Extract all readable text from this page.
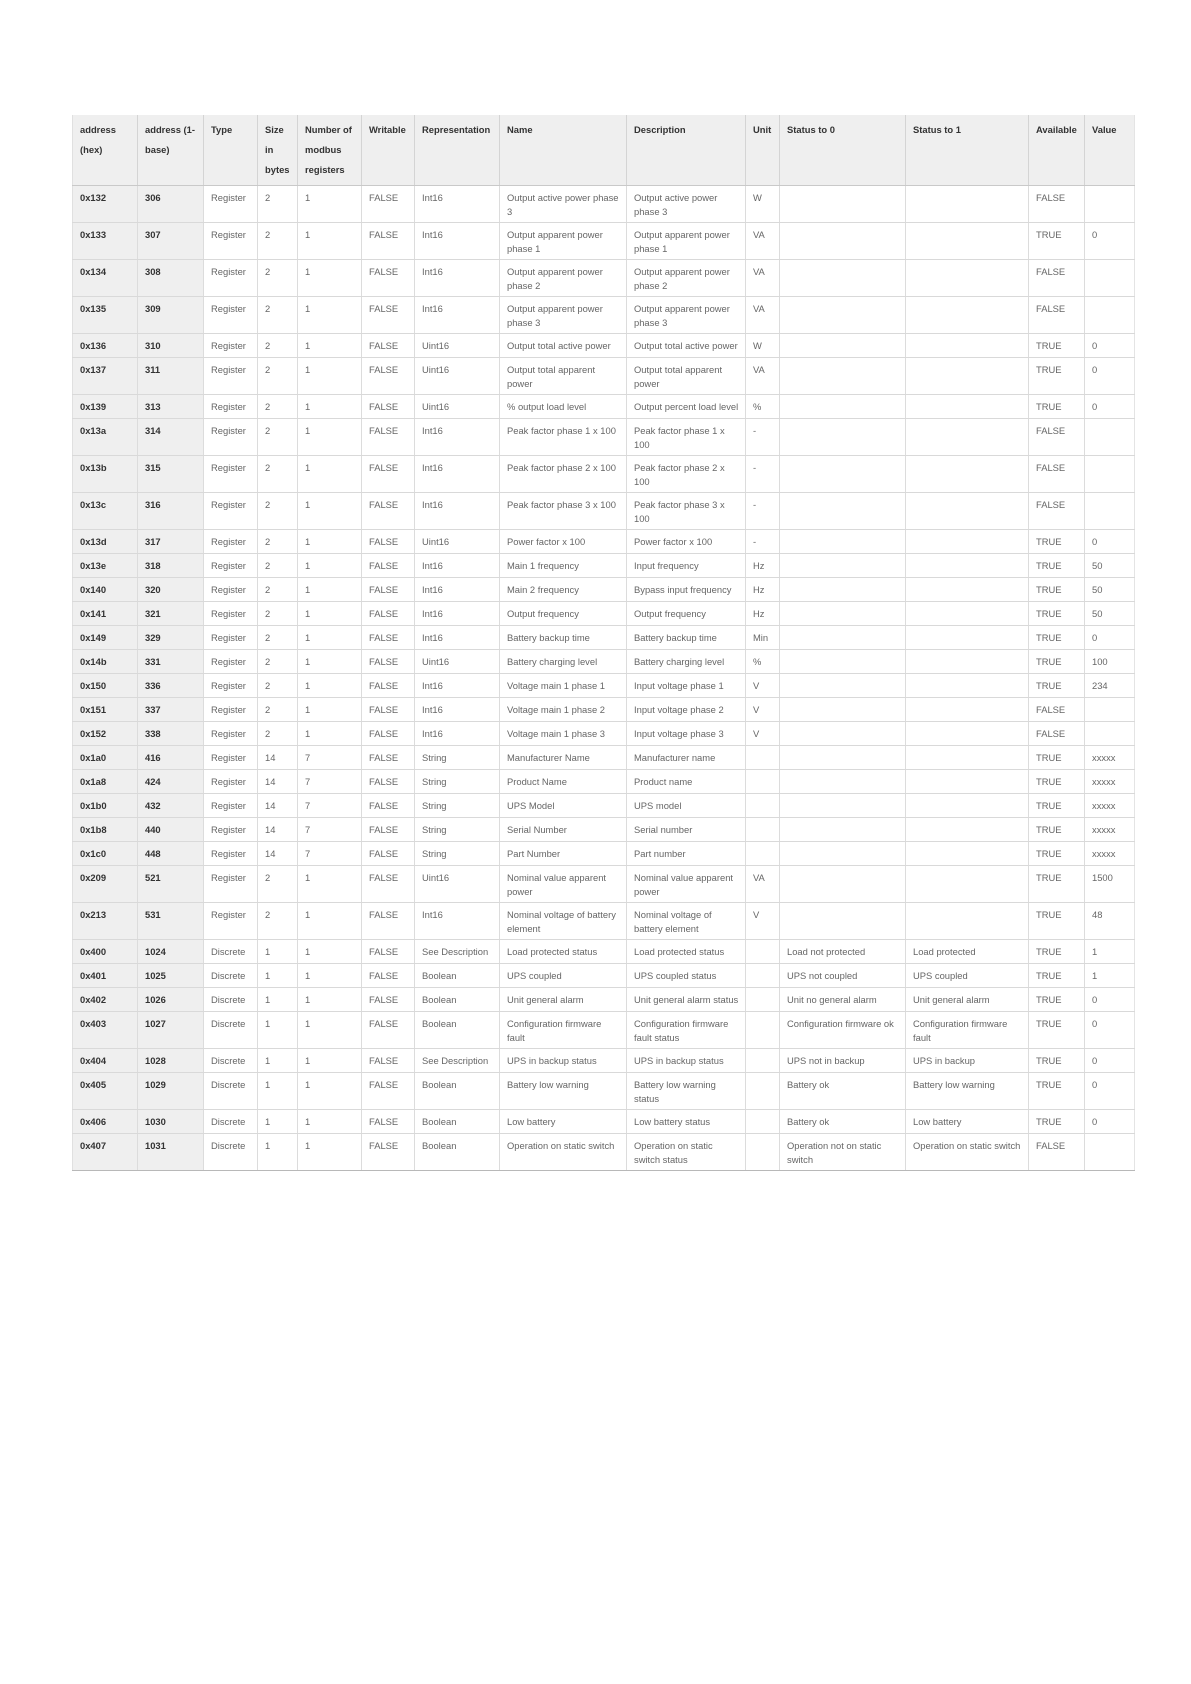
address (hex)	address (1-base)	Type	Size in bytes	Number of modbus registers	Writable	Representation	Name	Description	Unit	Status to 0	Status to 1	Available	Value
0x132	306	Register	2	1	FALSE	Int16	Output active power phase 3	Output active power phase 3	W			FALSE	
0x133	307	Register	2	1	FALSE	Int16	Output apparent power phase 1	Output apparent power phase 1	VA			TRUE	0
0x134	308	Register	2	1	FALSE	Int16	Output apparent power phase 2	Output apparent power phase 2	VA			FALSE	
0x135	309	Register	2	1	FALSE	Int16	Output apparent power phase 3	Output apparent power phase 3	VA			FALSE	
0x136	310	Register	2	1	FALSE	Uint16	Output total active power	Output total active power	W			TRUE	0
0x137	311	Register	2	1	FALSE	Uint16	Output total apparent power	Output total apparent power	VA			TRUE	0
0x139	313	Register	2	1	FALSE	Uint16	% output load level	Output percent load level	%			TRUE	0
0x13a	314	Register	2	1	FALSE	Int16	Peak factor phase 1 x 100	Peak factor phase 1 x 100	-			FALSE	
0x13b	315	Register	2	1	FALSE	Int16	Peak factor phase 2 x 100	Peak factor phase 2 x 100	-			FALSE	
0x13c	316	Register	2	1	FALSE	Int16	Peak factor phase 3 x 100	Peak factor phase 3 x 100	-			FALSE	
0x13d	317	Register	2	1	FALSE	Uint16	Power factor x 100	Power factor x 100	-			TRUE	0
0x13e	318	Register	2	1	FALSE	Int16	Main 1 frequency	Input frequency	Hz			TRUE	50
0x140	320	Register	2	1	FALSE	Int16	Main 2 frequency	Bypass input frequency	Hz			TRUE	50
0x141	321	Register	2	1	FALSE	Int16	Output frequency	Output frequency	Hz			TRUE	50
0x149	329	Register	2	1	FALSE	Int16	Battery backup time	Battery backup time	Min			TRUE	0
0x14b	331	Register	2	1	FALSE	Uint16	Battery charging level	Battery charging level	%			TRUE	100
0x150	336	Register	2	1	FALSE	Int16	Voltage main 1 phase 1	Input voltage phase 1	V			TRUE	234
0x151	337	Register	2	1	FALSE	Int16	Voltage main 1 phase 2	Input voltage phase 2	V			FALSE	
0x152	338	Register	2	1	FALSE	Int16	Voltage main 1 phase 3	Input voltage phase 3	V			FALSE	
0x1a0	416	Register	14	7	FALSE	String	Manufacturer Name	Manufacturer name				TRUE	xxxxx
0x1a8	424	Register	14	7	FALSE	String	Product Name	Product name				TRUE	xxxxx
0x1b0	432	Register	14	7	FALSE	String	UPS Model	UPS model				TRUE	xxxxx
0x1b8	440	Register	14	7	FALSE	String	Serial Number	Serial number				TRUE	xxxxx
0x1c0	448	Register	14	7	FALSE	String	Part Number	Part number				TRUE	xxxxx
0x209	521	Register	2	1	FALSE	Uint16	Nominal value apparent power	Nominal value apparent power	VA			TRUE	1500
0x213	531	Register	2	1	FALSE	Int16	Nominal voltage of battery element	Nominal voltage of battery element	V			TRUE	48
0x400	1024	Discrete	1	1	FALSE	See Description	Load protected status	Load protected status		Load not protected	Load protected	TRUE	1
0x401	1025	Discrete	1	1	FALSE	Boolean	UPS coupled	UPS coupled status		UPS not coupled	UPS coupled	TRUE	1
0x402	1026	Discrete	1	1	FALSE	Boolean	Unit general alarm	Unit general alarm status		Unit no general alarm	Unit general alarm	TRUE	0
0x403	1027	Discrete	1	1	FALSE	Boolean	Configuration firmware fault	Configuration firmware fault status		Configuration firmware ok	Configuration firmware fault	TRUE	0
0x404	1028	Discrete	1	1	FALSE	See Description	UPS in backup status	UPS in backup status		UPS not in backup	UPS in backup	TRUE	0
0x405	1029	Discrete	1	1	FALSE	Boolean	Battery low warning	Battery low warning status		Battery ok	Battery low warning	TRUE	0
0x406	1030	Discrete	1	1	FALSE	Boolean	Low battery	Low battery status		Battery ok	Low battery	TRUE	0
0x407	1031	Discrete	1	1	FALSE	Boolean	Operation on static switch	Operation on static switch status		Operation not on static switch	Operation on static switch	FALSE	
